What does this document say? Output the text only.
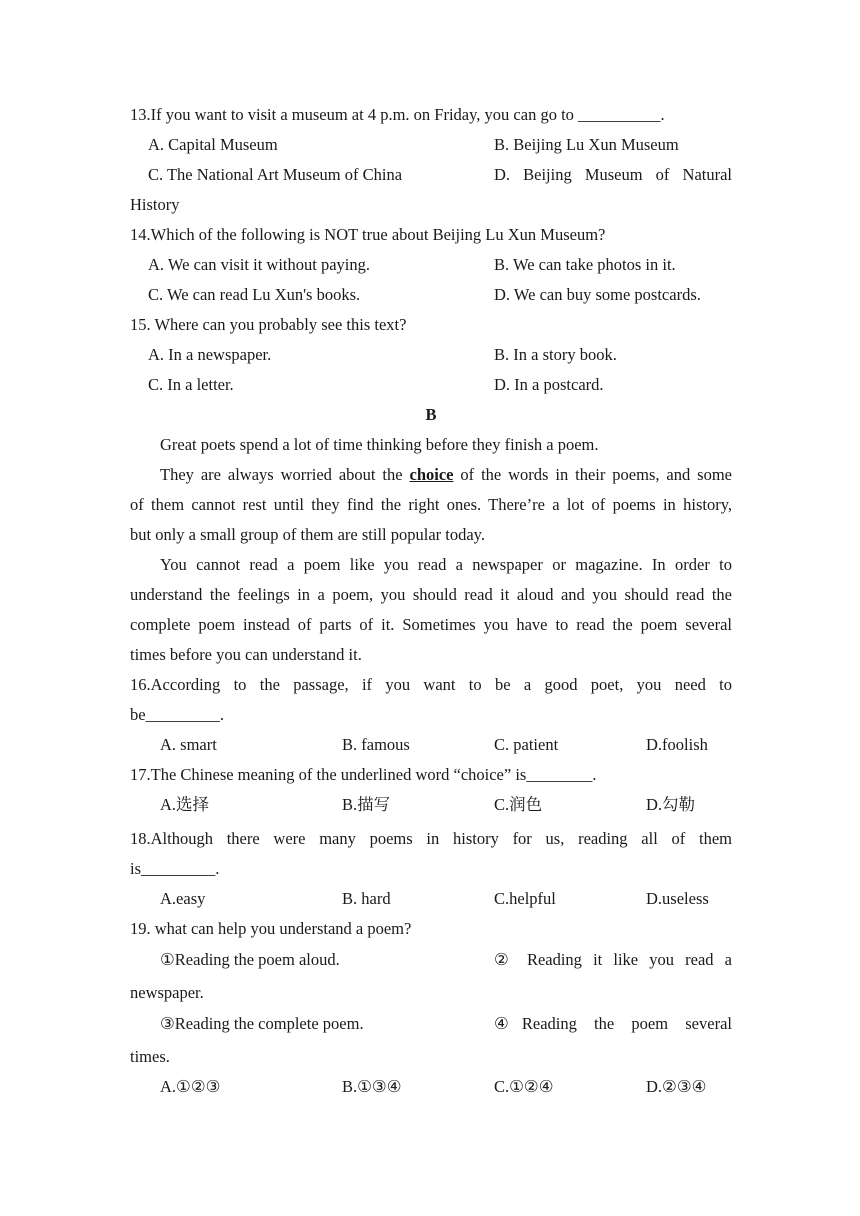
13.If you want to visit a museum at 4 p.m. on Friday, you can go to __________.
A. Capital Museum	B. Beijing Lu Xun Museum
C. The National Art Museum of China	D. Beijing Museum of Natural
History
14.Which of the following is NOT true about Beijing Lu Xun Museum?
A. We can visit it without paying.	B. We can take photos in it.
C. We can read Lu Xun's books.	D. We can buy some postcards.
15. Where can you probably see this text?
A. In a newspaper.	B. In a story book.
C. In a letter.	D. In a postcard.
B
Great poets spend a lot of time thinking before they finish a poem.
They are always worried about the choice of the words in their poems, and some
of them cannot rest until they find the right ones. There’re a lot of poems in history,
but only a small group of them are still popular today.
You cannot read a poem like you read a newspaper or magazine. In order to
understand the feelings in a poem, you should read it aloud and you should read the
complete poem instead of parts of it. Sometimes you have to read the poem several
times before you can understand it.
16.According to the passage, if you want to be a good poet, you need to
be_________.
A. smart	B. famous	C. patient	D.foolish
17.The Chinese meaning of the underlined word “choice” is________.
A.选择	B.描写	C.润色	D.勾勒
18.Although there were many poems in history for us, reading all of them
is_________.
A.easy	B. hard	C.helpful	D.useless
19. what can help you understand a poem?
①Reading the poem aloud.	② Reading it like you read a
newspaper.
③Reading the complete poem.	④Reading the poem several
times.
A.①②③	B.①③④	C.①②④	D.②③④
